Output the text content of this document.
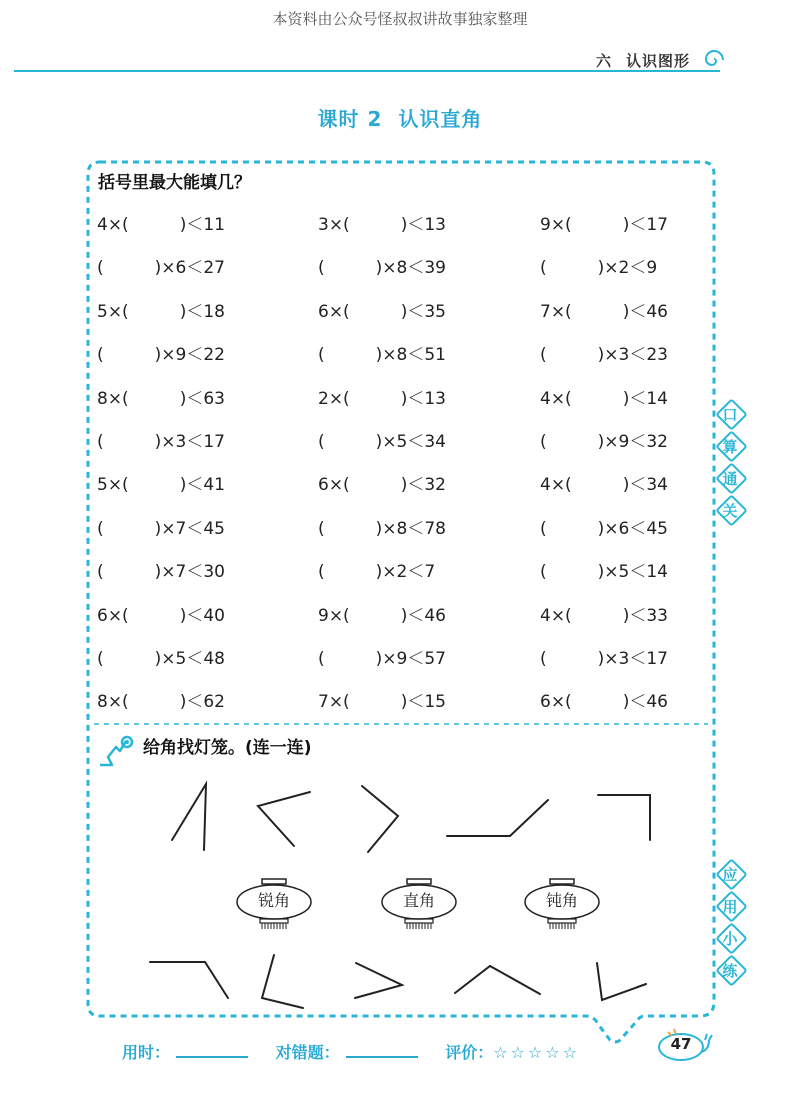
本资料由公众号怪叔叔讲故事独家整理
六 认识图形
课时 2 认识直角
括号里最大能填几？
4×(　　　)＜11	3×(　　　)＜13	9×(　　　)＜17
(　　　)×6＜27	(　　　)×8＜39	(　　　)×2＜9
5×(　　　)＜18	6×(　　　)＜35	7×(　　　)＜46
(　　　)×9＜22	(　　　)×8＜51	(　　　)×3＜23
8×(　　　)＜63	2×(　　　)＜13	4×(　　　)＜14
(　　　)×3＜17	(　　　)×5＜34	(　　　)×9＜32
5×(　　　)＜41	6×(　　　)＜32	4×(　　　)＜34
(　　　)×7＜45	(　　　)×8＜78	(　　　)×6＜45
(　　　)×7＜30	(　　　)×2＜7	(　　　)×5＜14
6×(　　　)＜40	9×(　　　)＜46	4×(　　　)＜33
(　　　)×5＜48	(　　　)×9＜57	(　　　)×3＜17
8×(　　　)＜62	7×(　　　)＜15	6×(　　　)＜46
给角找灯笼。(连一连)
锐角	直角	钝角
口
算
通
关
应
用
小
练
用时：	对错题：	评价：☆☆☆☆☆	47
